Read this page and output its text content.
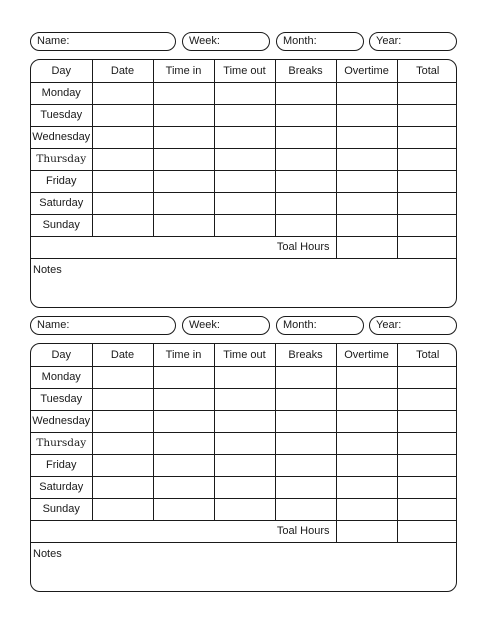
Name:	Week:	Month:	Year:
Day	Date	Time in	Time out	Breaks	Overtime	Total
Monday						
Tuesday						
Wednesday						
Thursday						
Friday						
Saturday						
Sunday						
Toal Hours						
Notes
Name:	Week:	Month:	Year:
Day	Date	Time in	Time out	Breaks	Overtime	Total
Monday						
Tuesday						
Wednesday						
Thursday						
Friday						
Saturday						
Sunday						
Toal Hours						
Notes
